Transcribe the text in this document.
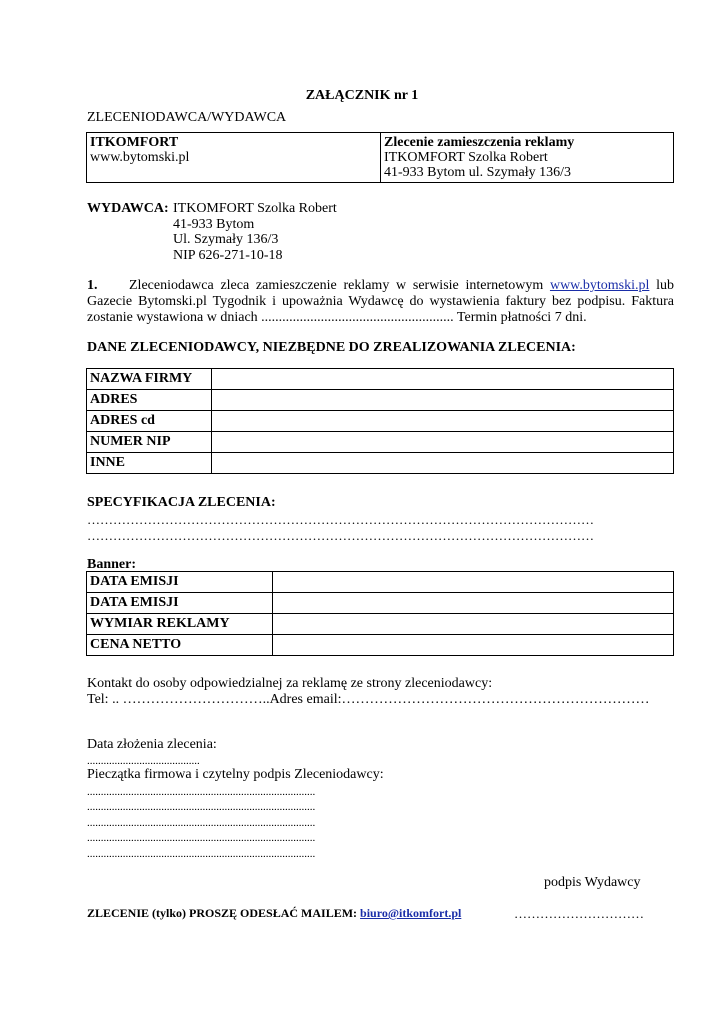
ZAŁĄCZNIK nr 1
ZLECENIODAWCA/WYDAWCA
ITKOMFORT
www.bytomski.pl

Zlecenie zamieszczenia reklamy
ITKOMFORT Szolka Robert
41-933 Bytom ul. Szymały 136/3
WYDAWCA: ITKOMFORT Szolka Robert
41-933 Bytom
Ul. Szymały 136/3
NIP 626-271-10-18
1. Zleceniodawca zleca zamieszczenie reklamy w serwisie internetowym www.bytomski.pl lub Gazecie Bytomski.pl Tygodnik i upoważnia Wydawcę do wystawienia faktury bez podpisu. Faktura zostanie wystawiona w dniach ....................................................... Termin płatności 7 dni.
DANE ZLECENIODAWCY, NIEZBĘDNE DO ZREALIZOWANIA ZLECENIA:
NAZWA FIRMY	
ADRES	
ADRES cd	
NUMER NIP	
INNE	
SPECYFIKACJA ZLECENIA:
………………………………………………………………………………………………………
………………………………………………………………………………………………………
Banner:
DATA EMISJI	
DATA EMISJI	
WYMIAR REKLAMY	
CENA NETTO	
Kontakt do osoby odpowiedzialnej za reklamę ze strony zleceniodawcy:
Tel: .. …………………………..Adres email:…………………………………………………………
Data złożenia zlecenia:
.........................................
Pieczątka firmowa i czytelny podpis Zleceniodawcy:
...................................................................................
...................................................................................
...................................................................................
...................................................................................
...................................................................................
podpis Wydawcy
ZLECENIE (tylko) PROSZĘ ODESŁAĆ MAILEM: biuro@itkomfort.pl	…………………………
